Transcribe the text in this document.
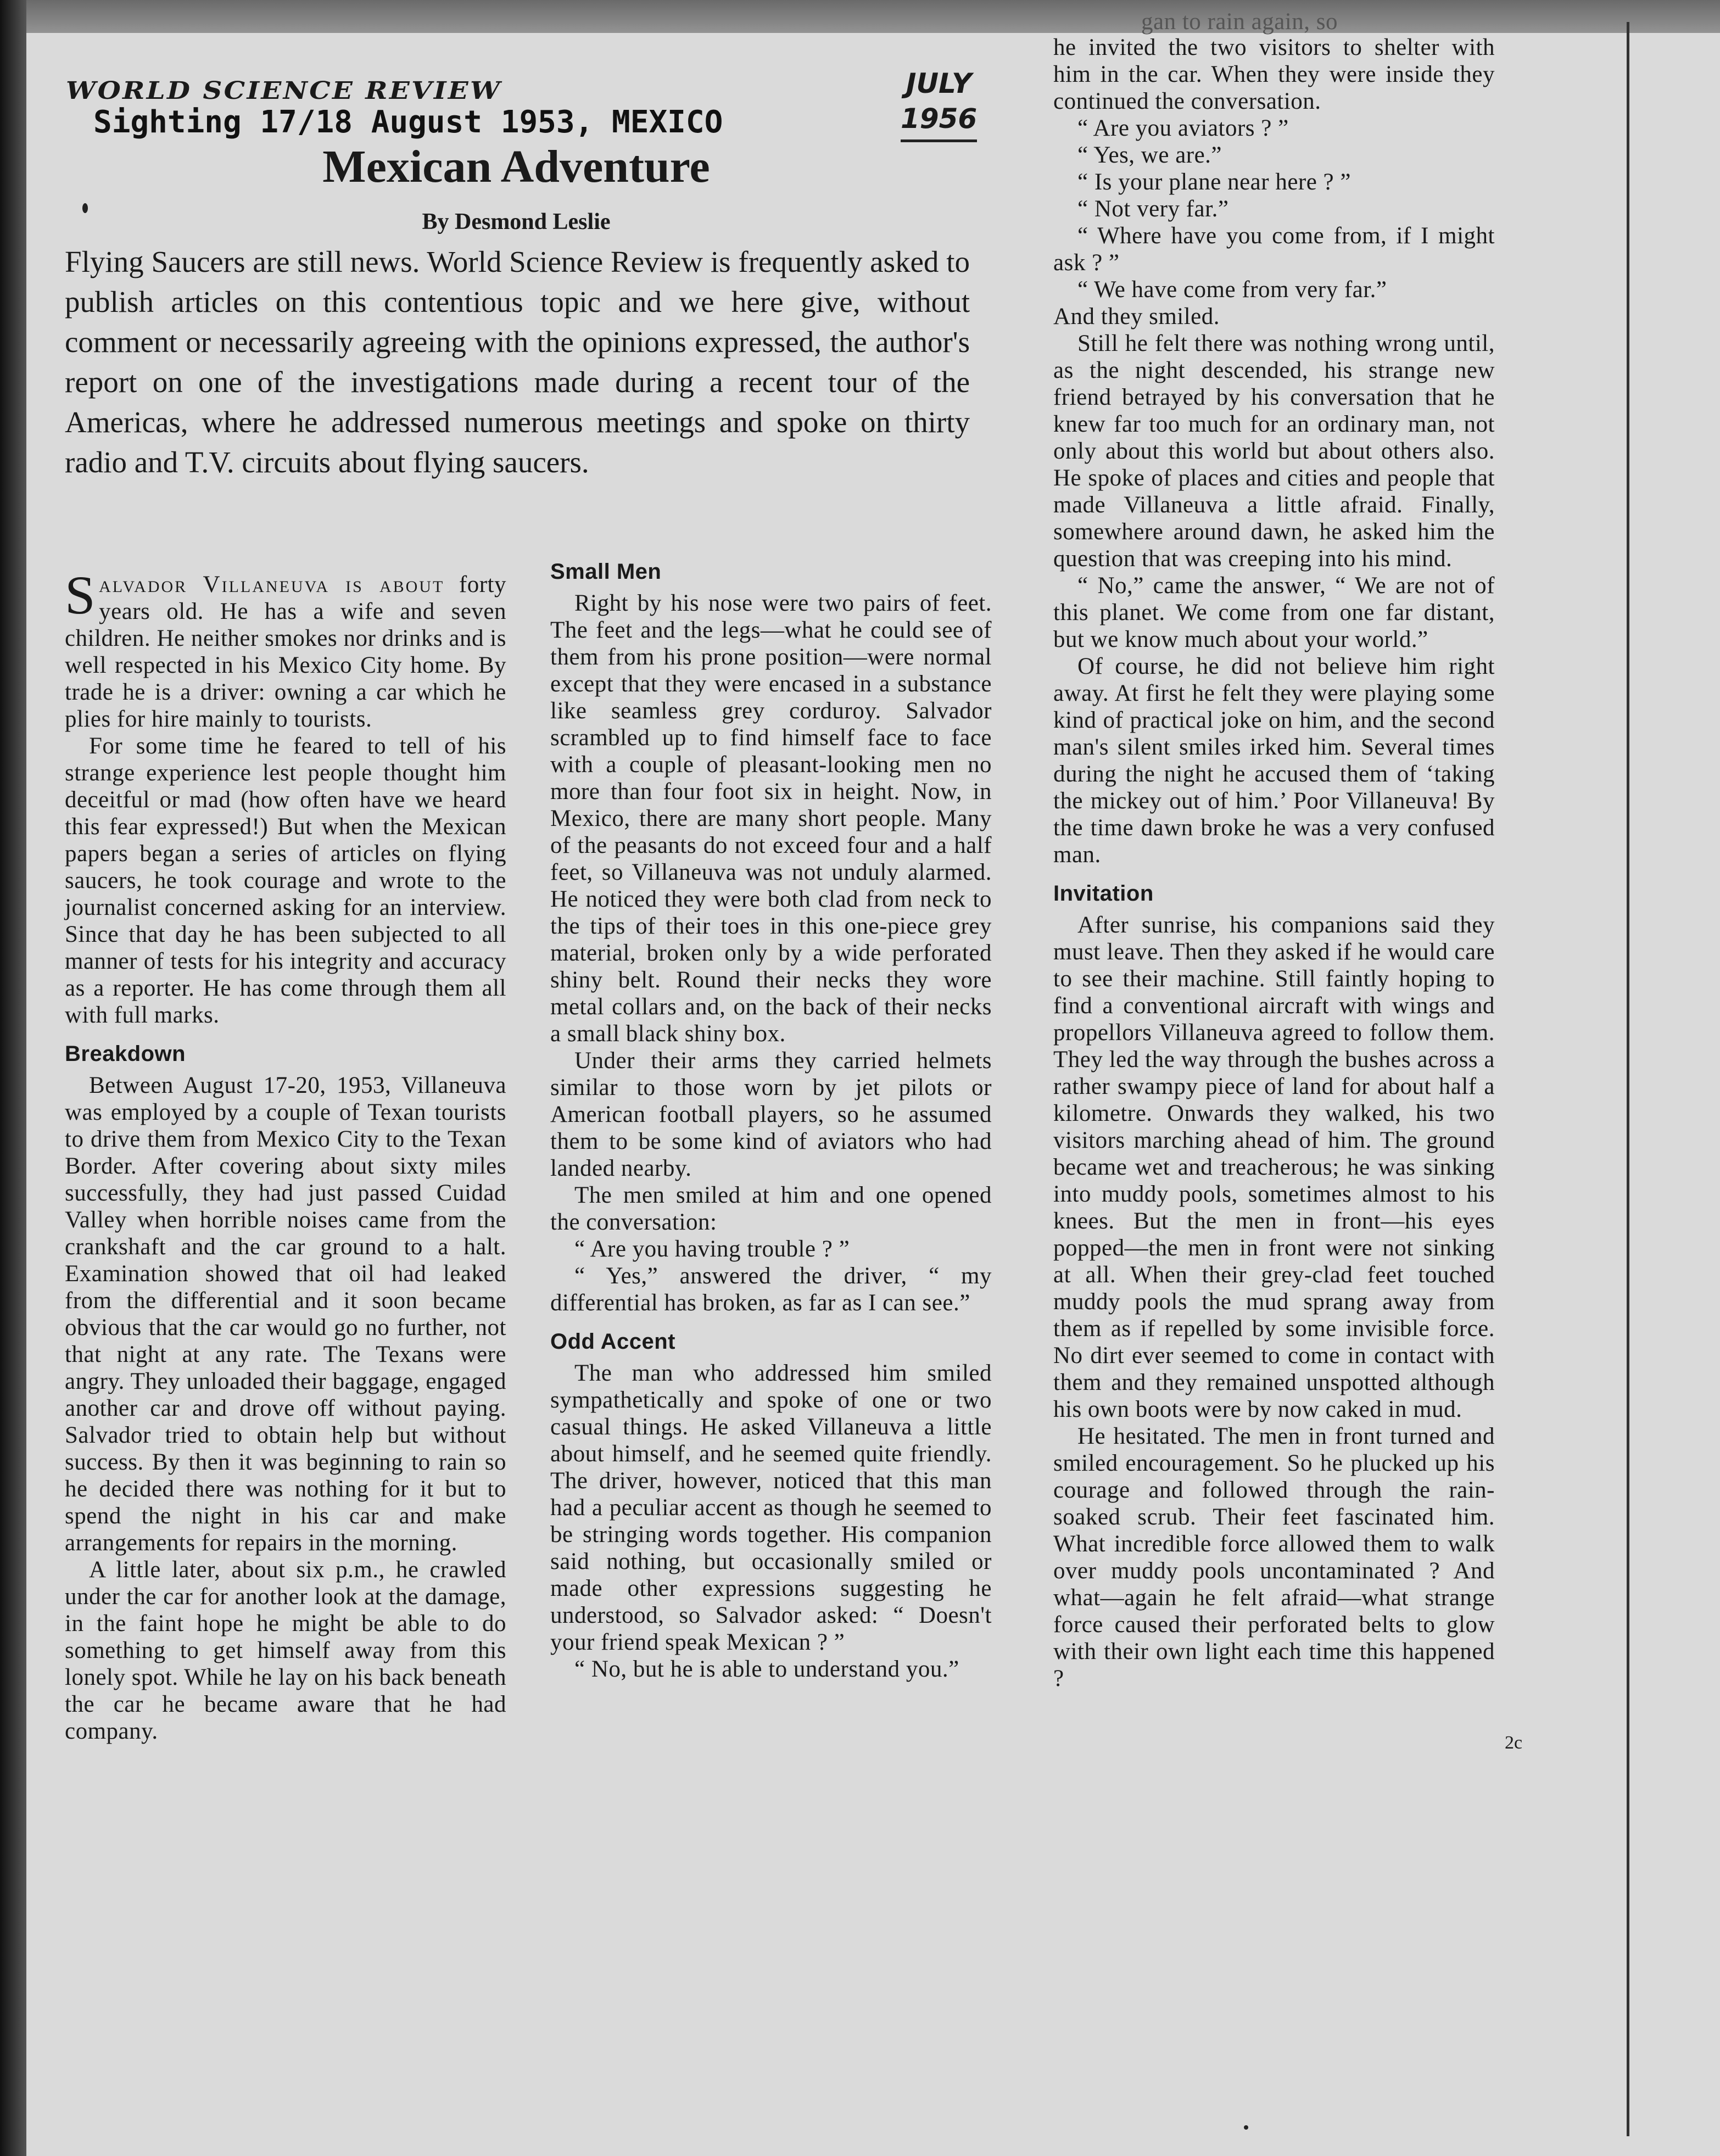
WORLD SCIENCE REVIEW
Sighting 17/18 August 1953, MEXICO
JULY
1956
Mexican Adventure
By Desmond Leslie
Flying Saucers are still news. World Science Review is frequently asked to publish articles on this contentious topic and we here give, without comment or necessarily agreeing with the opinions expressed, the author's report on one of the investigations made during a recent tour of the Americas, where he addressed numerous meetings and spoke on thirty radio and T.V. circuits about flying saucers.

Salvador Villaneuva is about forty years old. He has a wife and seven children. He neither smokes nor drinks and is well respected in his Mexico City home. By trade he is a driver: owning a car which he plies for hire mainly to tourists.

For some time he feared to tell of his strange experience lest people thought him deceitful or mad (how often have we heard this fear expressed!) But when the Mexican papers began a series of articles on flying saucers, he took courage and wrote to the journalist concerned asking for an interview. Since that day he has been subjected to all manner of tests for his integrity and accuracy as a reporter. He has come through them all with full marks.

Breakdown

Between August 17-20, 1953, Villaneuva was employed by a couple of Texan tourists to drive them from Mexico City to the Texan Border. After covering about sixty miles successfully, they had just passed Cuidad Valley when horrible noises came from the crankshaft and the car ground to a halt. Examination showed that oil had leaked from the differential and it soon became obvious that the car would go no further, not that night at any rate. The Texans were angry. They unloaded their baggage, engaged another car and drove off without paying. Salvador tried to obtain help but without success. By then it was beginning to rain so he decided there was nothing for it but to spend the night in his car and make arrangements for repairs in the morning.

A little later, about six p.m., he crawled under the car for another look at the damage, in the faint hope he might be able to do something to get himself away from this lonely spot. While he lay on his back beneath the car he became aware that he had company.

Small Men

Right by his nose were two pairs of feet. The feet and the legs—what he could see of them from his prone position—were normal except that they were encased in a substance like seamless grey corduroy. Salvador scrambled up to find himself face to face with a couple of pleasant-looking men no more than four foot six in height. Now, in Mexico, there are many short people. Many of the peasants do not exceed four and a half feet, so Villaneuva was not unduly alarmed. He noticed they were both clad from neck to the tips of their toes in this one-piece grey material, broken only by a wide perforated shiny belt. Round their necks they wore metal collars and, on the back of their necks a small black shiny box.

Under their arms they carried helmets similar to those worn by jet pilots or American football players, so he assumed them to be some kind of aviators who had landed nearby.

The men smiled at him and one opened the conversation:

“ Are you having trouble ? ”

“ Yes,” answered the driver, “ my differential has broken, as far as I can see.”

Odd Accent

The man who addressed him smiled sympathetically and spoke of one or two casual things. He asked Villaneuva a little about himself, and he seemed quite friendly. The driver, however, noticed that this man had a peculiar accent as though he seemed to be stringing words together. His companion said nothing, but occasionally smiled or made other expressions suggesting he understood, so Salvador asked: “ Doesn't your friend speak Mexican ? ”

“ No, but he is able to understand you.”

gan to rain again, so

he invited the two visitors to shelter with him in the car. When they were inside they continued the conversation.

“ Are you aviators ? ”

“ Yes, we are.”

“ Is your plane near here ? ”

“ Not very far.”

“ Where have you come from, if I might ask ? ”

“ We have come from very far.”

And they smiled.

Still he felt there was nothing wrong until, as the night descended, his strange new friend betrayed by his conversation that he knew far too much for an ordinary man, not only about this world but about others also. He spoke of places and cities and people that made Villaneuva a little afraid. Finally, somewhere around dawn, he asked him the question that was creeping into his mind.

“ No,” came the answer, “ We are not of this planet. We come from one far distant, but we know much about your world.”

Of course, he did not believe him right away. At first he felt they were playing some kind of practical joke on him, and the second man's silent smiles irked him. Several times during the night he accused them of ‘taking the mickey out of him.’ Poor Villaneuva! By the time dawn broke he was a very confused man.

Invitation

After sunrise, his companions said they must leave. Then they asked if he would care to see their machine. Still faintly hoping to find a conventional aircraft with wings and propellors Villaneuva agreed to follow them. They led the way through the bushes across a rather swampy piece of land for about half a kilometre. Onwards they walked, his two visitors marching ahead of him. The ground became wet and treacherous; he was sinking into muddy pools, sometimes almost to his knees. But the men in front—his eyes popped—the men in front were not sinking at all. When their grey-clad feet touched muddy pools the mud sprang away from them as if repelled by some invisible force. No dirt ever seemed to come in contact with them and they remained unspotted although his own boots were by now caked in mud.

He hesitated. The men in front turned and smiled encouragement. So he plucked up his courage and followed through the rain-soaked scrub. Their feet fascinated him. What incredible force allowed them to walk over muddy pools uncontaminated ? And what—again he felt afraid—what strange force caused their perforated belts to glow with their own light each time this happened ?

2c
